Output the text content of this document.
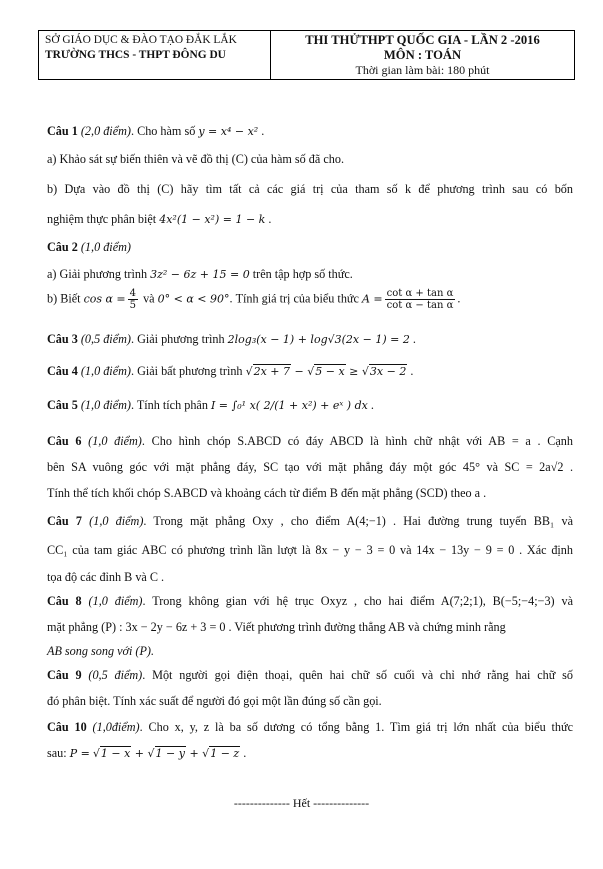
SỞ GIÁO DỤC & ĐÀO TẠO ĐẮK LẮK
TRƯỜNG THCS - THPT ĐÔNG DU
THI THỬTHPT QUỐC GIA - LẦN 2 -2016
MÔN : TOÁN
Thời gian làm bài: 180 phút
Câu 1 (2,0 điểm). Cho hàm số y = x⁴ − x² .
a) Khảo sát sự biến thiên và vẽ đồ thị (C) của hàm số đã cho.
b) Dựa vào đồ thị (C) hãy tìm tất cả các giá trị của tham số k để phương trình sau có bốn
nghiệm thực phân biệt 4x²(1 − x²) = 1 − k .
Câu 2 (1,0 điểm)
a) Giải phương trình 3z² − 6z + 15 = 0 trên tập hợp số thức.
b) Biết $\cos \alpha = \frac{4}{5}$ và 0° < α < 90°. Tính giá trị của biểu thức $A = \frac{\text{cot α + tan α}}{\text{cot α − tan α}}$ .
Câu 3 (0,5 điểm). Giải phương trình 2log₃(x − 1) + log√3(2x − 1) = 2 .
Câu 4 (1,0 điểm). Giải bất phương trình √2x + 7 − √5 − x ≥ √3x − 2 .
Câu 5 (1,0 điểm). Tính tích phân I = ∫₀¹ x( 2/(1 + x²) + eˣ ) dx .
Câu 6 (1,0 điểm). Cho hình chóp S.ABCD có đáy ABCD là hình chữ nhật với AB = a . Cạnh
bên SA vuông góc với mặt phẳng đáy, SC tạo với mặt phẳng đáy một góc 45° và SC = 2a√2 .
Tính thể tích khối chóp S.ABCD và khoảng cách từ điểm B đến mặt phẳng (SCD) theo a .
Câu 7 (1,0 điểm). Trong mặt phẳng Oxy , cho điểm A(4;−1) . Hai đường trung tuyến BB₁ và
CC₁ của tam giác ABC có phương trình lần lượt là 8x − y − 3 = 0 và 14x − 13y − 9 = 0 . Xác định
tọa độ các đỉnh B và C .
Câu 8 (1,0 điểm). Trong không gian với hệ trục Oxyz , cho hai điểm A(7;2;1), B(−5;−4;−3) và
mặt phẳng (P) : 3x − 2y − 6z + 3 = 0 . Viết phương trình đường thẳng AB và chứng minh rằng
AB song song với (P).
Câu 9 (0,5 điểm). Một người gọi điện thoại, quên hai chữ số cuối và chỉ nhớ rằng hai chữ số
đó phân biệt. Tính xác suất để người đó gọi một lần đúng số cần gọi.
Câu 10 (1,0điểm). Cho x, y, z là ba số dương có tổng bằng 1. Tìm giá trị lớn nhất của biểu thức
sau: P = √1 − x + √1 − y + √1 − z .
-------------- Hết --------------
